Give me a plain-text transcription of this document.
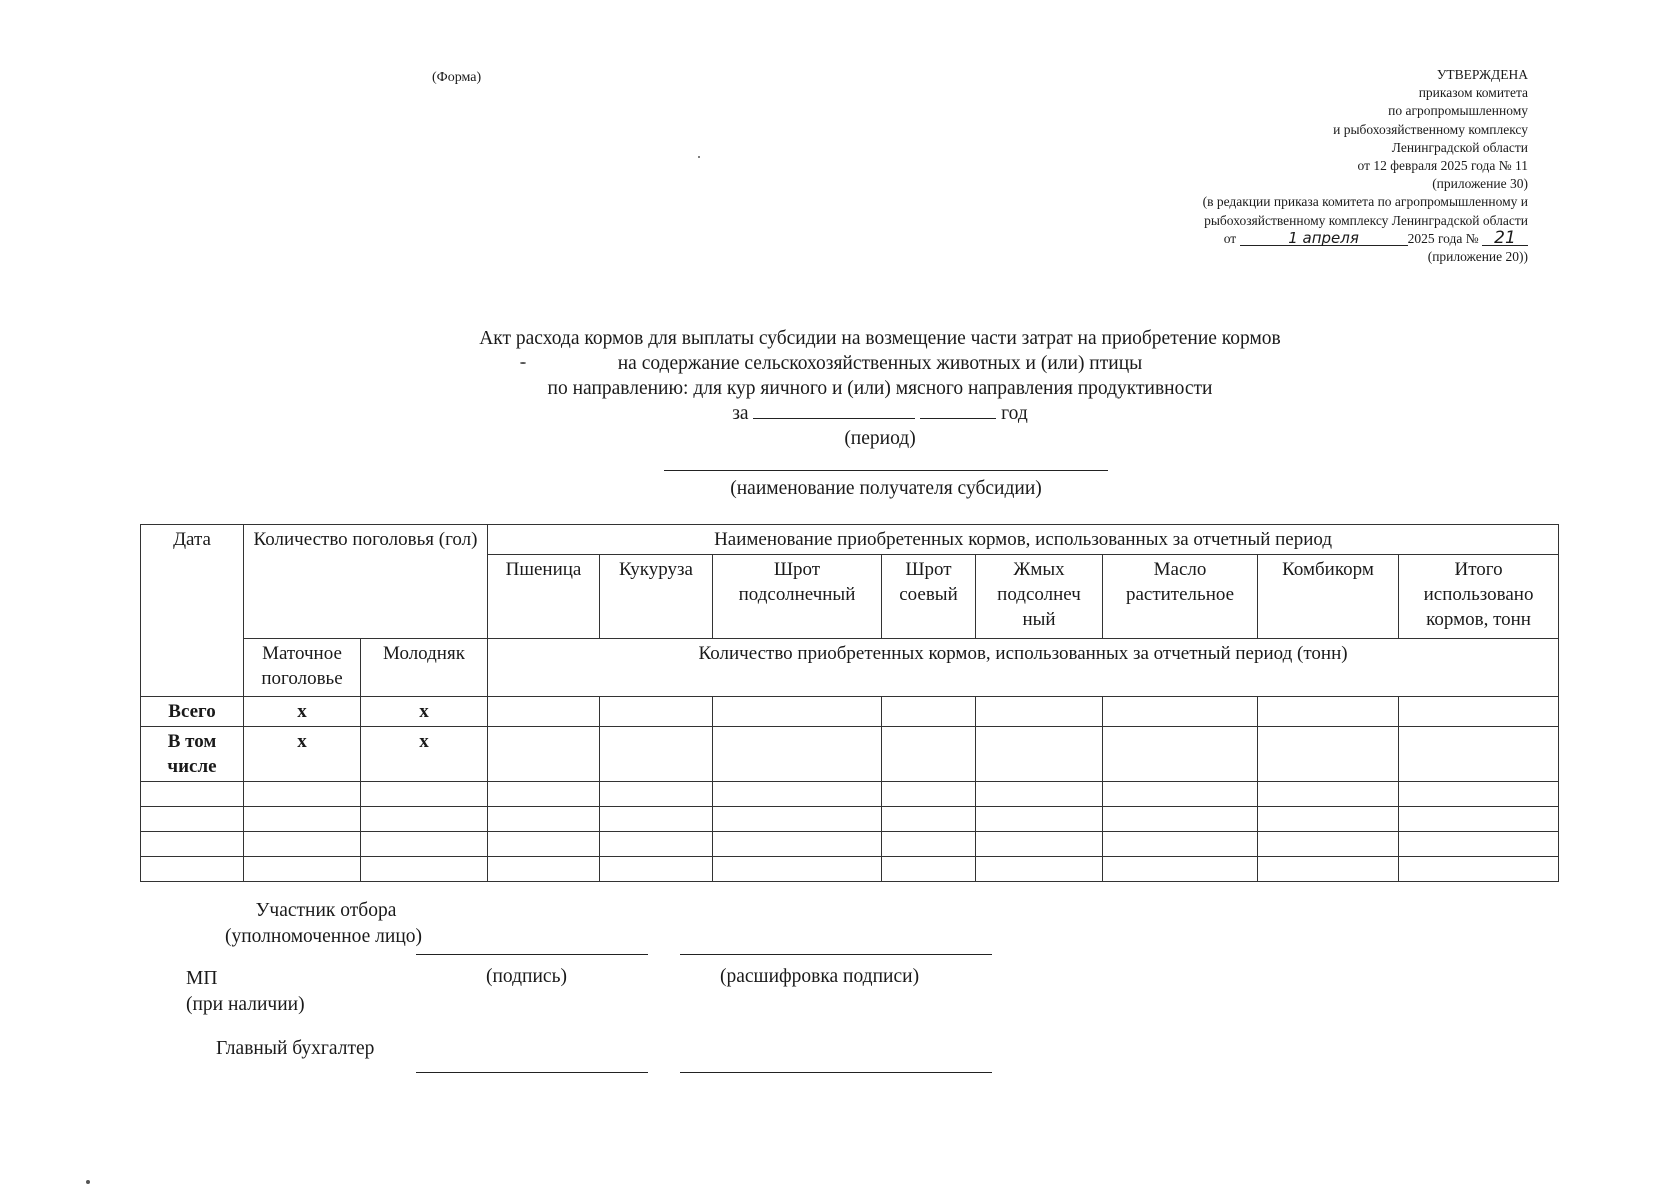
(Форма)	УТВЕРЖДЕНА
приказом комитета
по агропромышленному
и рыбохозяйственному комплексу
Ленинградской области
от 12 февраля 2025 года № 11
(приложение 30)
(в редакции приказа комитета по агропромышленному и
рыбохозяйственному комплексу Ленинградской области
от	1 апреля	2025 года № 21
(приложение 20))
Акт расхода кормов для выплаты субсидии на возмещение части затрат на приобретение кормов
на содержание сельскохозяйственных животных и (или) птицы
по направлению: для кур яичного и (или) мясного направления продуктивности
за	год
(период)
(наименование получателя субсидии)
Дата	Количество поголовья (гол)		Наименование приобретенных кормов, использованных за отчетный период							
			Пшеница	Кукуруза	Шрот подсолнечный	Шрот соевый	Жмых подсолнеч ный	Масло растительное	Комбикорм	Итого использовано кормов, тонн
	Маточное поголовье	Молодняк	Количество приобретенных кормов, использованных за отчетный период (тонн)							
Всего	x	x								
В том числе	x	x								

Участник отбора
(уполномоченное лицо)
МП
(при наличии)
(подпись)	(расшифровка подписи)
Главный бухгалтер
